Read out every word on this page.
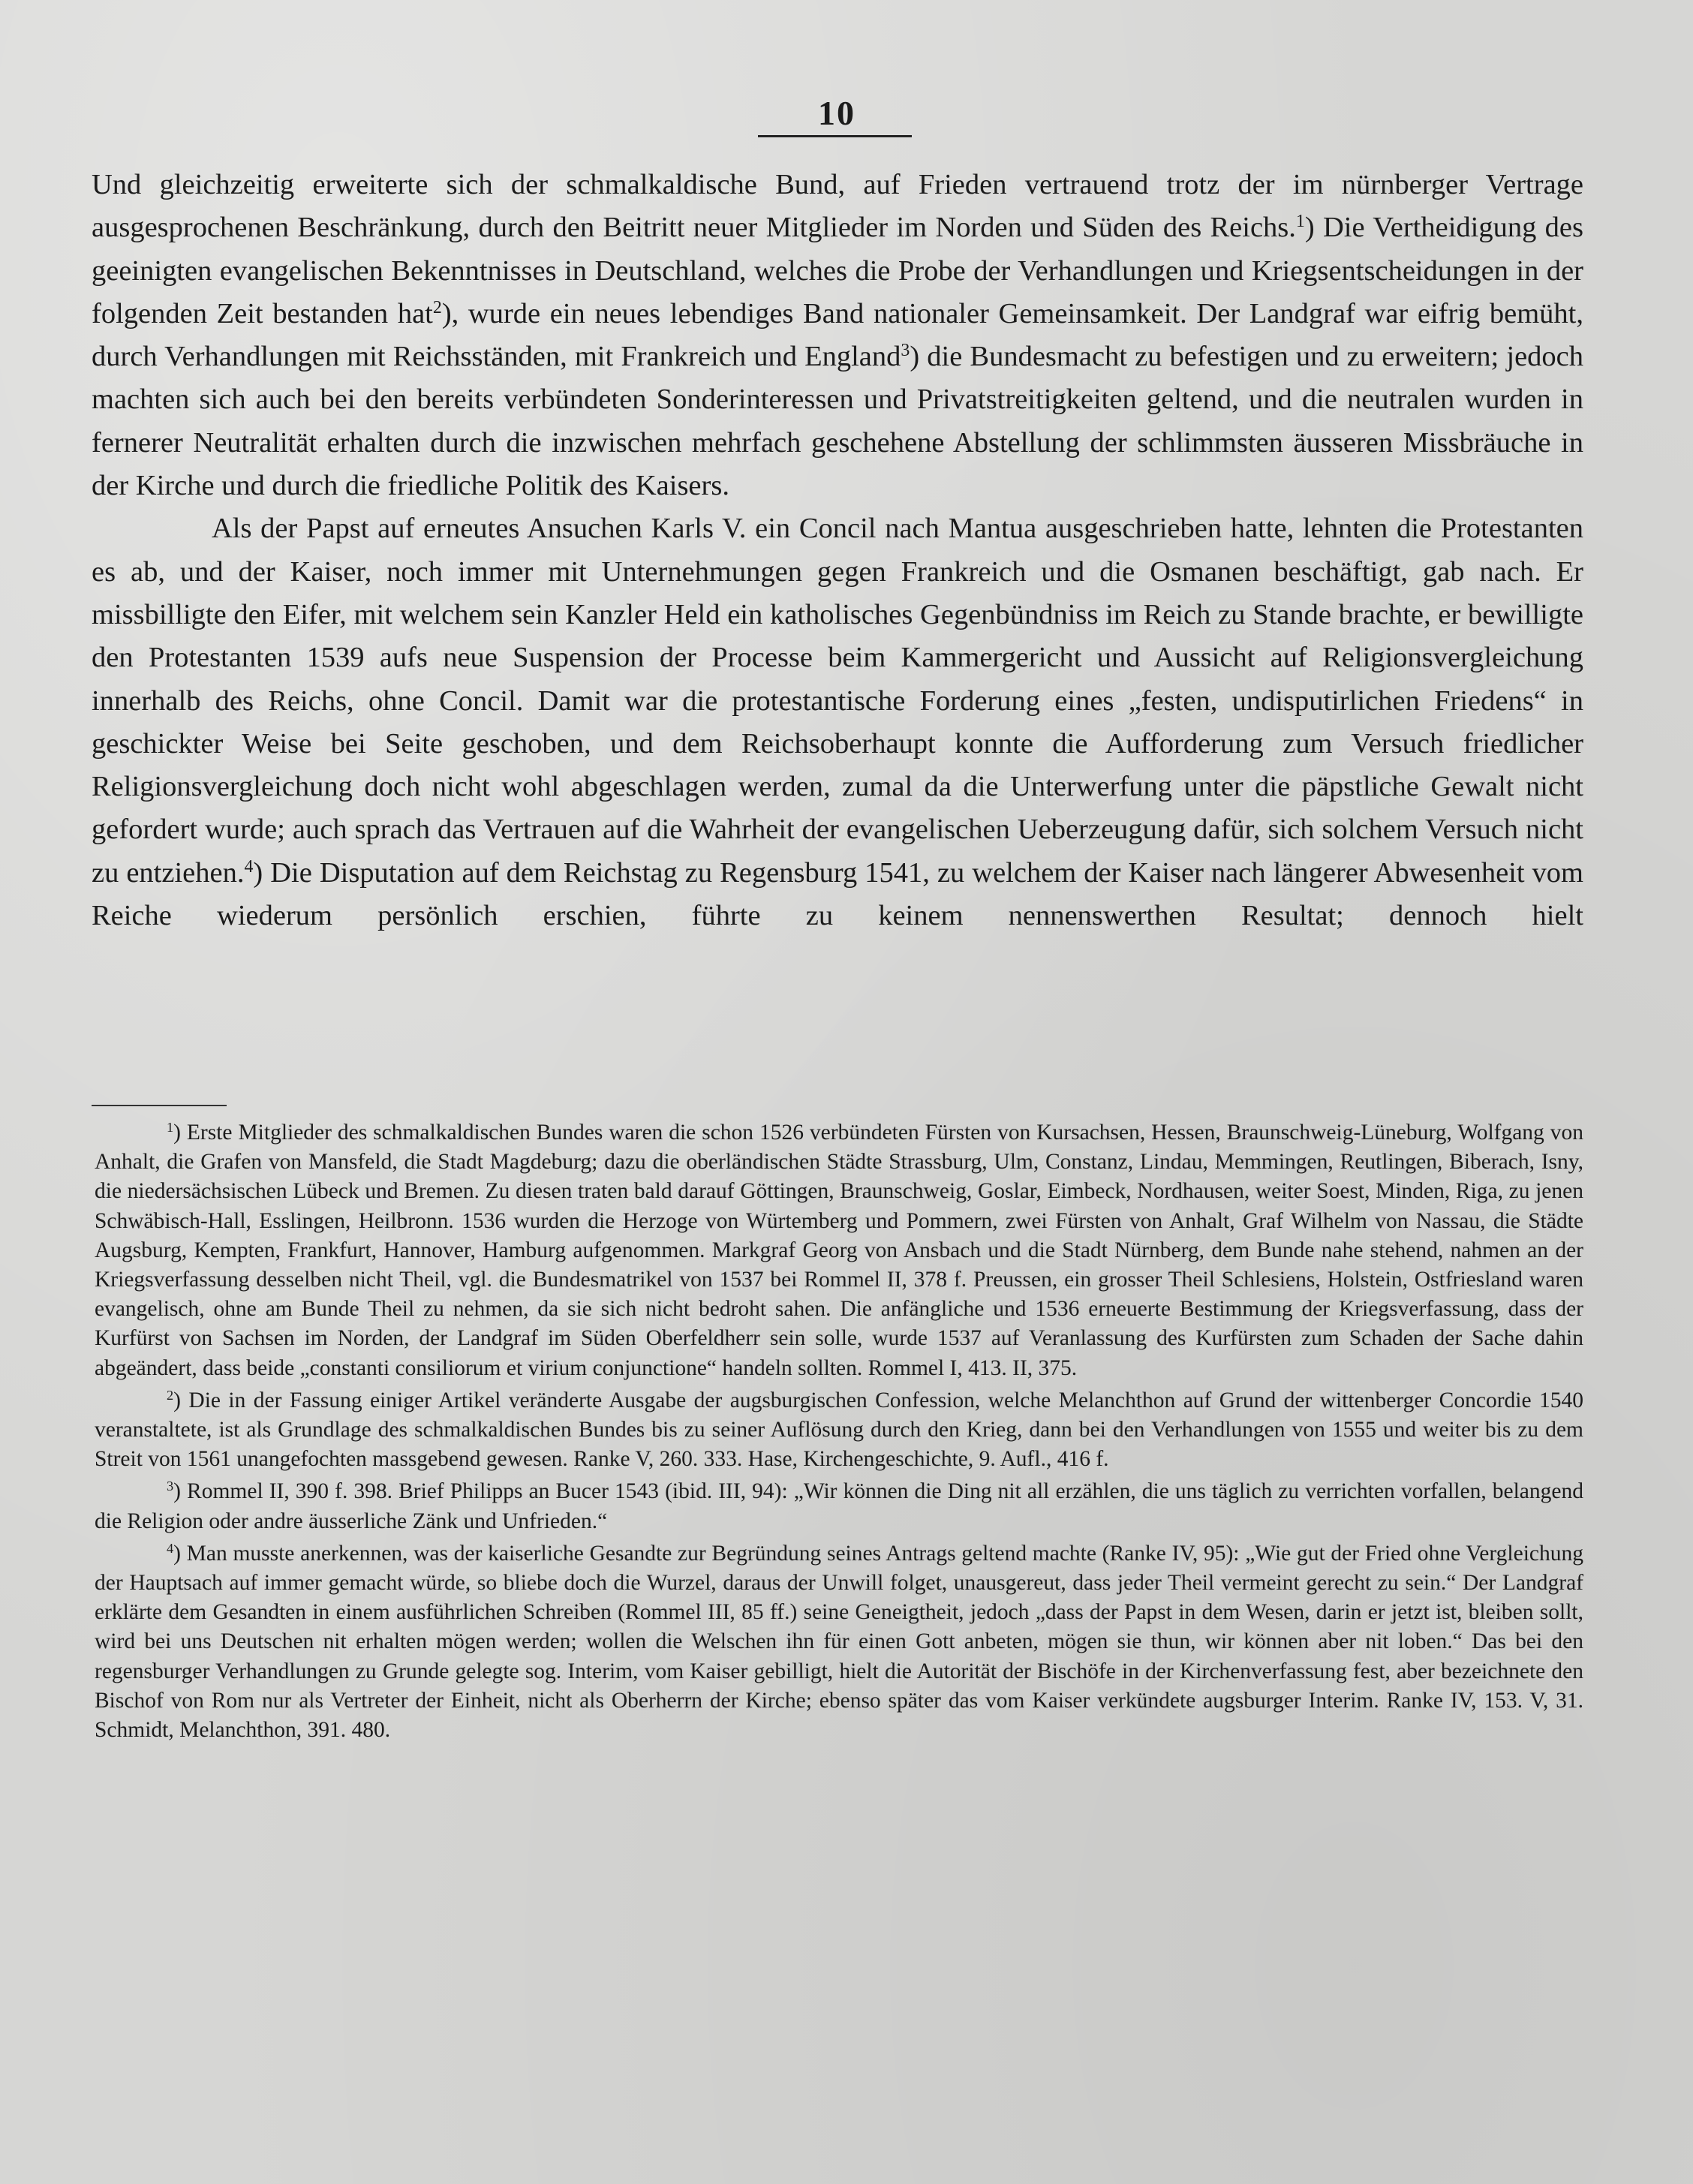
10

Und gleichzeitig erweiterte sich der schmalkaldische Bund, auf Frieden vertrauend trotz der im nürnberger Vertrage ausgesprochenen Beschränkung, durch den Beitritt neuer Mitglieder im Norden und Süden des Reichs.$^1$) Die Vertheidigung des geeinigten evangelischen Bekenntnisses in Deutschland, welches die Probe der Verhandlungen und Kriegsentscheidungen in der folgenden Zeit bestanden hat$^2$), wurde ein neues lebendiges Band nationaler Gemeinsamkeit. Der Landgraf war eifrig bemüht, durch Verhandlungen mit Reichsständen, mit Frankreich und England$^3$) die Bundesmacht zu befestigen und zu erweitern; jedoch machten sich auch bei den bereits verbündeten Sonderinteressen und Privatstreitigkeiten geltend, und die neutralen wurden in fernerer Neutralität erhalten durch die inzwischen mehrfach geschehene Abstellung der schlimmsten äusseren Missbräuche in der Kirche und durch die friedliche Politik des Kaisers.

Als der Papst auf erneutes Ansuchen Karls V. ein Concil nach Mantua ausgeschrieben hatte, lehnten die Protestanten es ab, und der Kaiser, noch immer mit Unternehmungen gegen Frankreich und die Osmanen beschäftigt, gab nach. Er missbilligte den Eifer, mit welchem sein Kanzler Held ein katholisches Gegenbündniss im Reich zu Stande brachte, er bewilligte den Protestanten 1539 aufs neue Suspension der Processe beim Kammergericht und Aussicht auf Religionsvergleichung innerhalb des Reichs, ohne Concil. Damit war die protestantische Forderung eines „festen, undisputirlichen Friedens“ in geschickter Weise bei Seite geschoben, und dem Reichsoberhaupt konnte die Aufforderung zum Versuch friedlicher Religionsvergleichung doch nicht wohl abgeschlagen werden, zumal da die Unterwerfung unter die päpstliche Gewalt nicht gefordert wurde; auch sprach das Vertrauen auf die Wahrheit der evangelischen Ueberzeugung dafür, sich solchem Versuch nicht zu entziehen.$^4$) Die Disputation auf dem Reichstag zu Regensburg 1541, zu welchem der Kaiser nach längerer Abwesenheit vom Reiche wiederum persönlich erschien, führte zu keinem nennenswerthen Resultat; dennoch hielt

$^1$) Erste Mitglieder des schmalkaldischen Bundes waren die schon 1526 verbündeten Fürsten von Kursachsen, Hessen, Braunschweig-Lüneburg, Wolfgang von Anhalt, die Grafen von Mansfeld, die Stadt Magdeburg; dazu die oberländischen Städte Strassburg, Ulm, Constanz, Lindau, Memmingen, Reutlingen, Biberach, Isny, die niedersächsischen Lübeck und Bremen. Zu diesen traten bald darauf Göttingen, Braunschweig, Goslar, Eimbeck, Nordhausen, weiter Soest, Minden, Riga, zu jenen Schwäbisch-Hall, Esslingen, Heilbronn. 1536 wurden die Herzoge von Würtemberg und Pommern, zwei Fürsten von Anhalt, Graf Wilhelm von Nassau, die Städte Augsburg, Kempten, Frankfurt, Hannover, Hamburg aufgenommen. Markgraf Georg von Ansbach und die Stadt Nürnberg, dem Bunde nahe stehend, nahmen an der Kriegsverfassung desselben nicht Theil, vgl. die Bundesmatrikel von 1537 bei Rommel II, 378 f. Preussen, ein grosser Theil Schlesiens, Holstein, Ostfriesland waren evangelisch, ohne am Bunde Theil zu nehmen, da sie sich nicht bedroht sahen. Die anfängliche und 1536 erneuerte Bestimmung der Kriegsverfassung, dass der Kurfürst von Sachsen im Norden, der Landgraf im Süden Oberfeldherr sein solle, wurde 1537 auf Veranlassung des Kurfürsten zum Schaden der Sache dahin abgeändert, dass beide „constanti consiliorum et virium conjunctione“ handeln sollten. Rommel I, 413. II, 375.

$^2$) Die in der Fassung einiger Artikel veränderte Ausgabe der augsburgischen Confession, welche Melanchthon auf Grund der wittenberger Concordie 1540 veranstaltete, ist als Grundlage des schmalkaldischen Bundes bis zu seiner Auflösung durch den Krieg, dann bei den Verhandlungen von 1555 und weiter bis zu dem Streit von 1561 unangefochten massgebend gewesen. Ranke V, 260. 333. Hase, Kirchengeschichte, 9. Aufl., 416 f.

$^3$) Rommel II, 390 f. 398. Brief Philipps an Bucer 1543 (ibid. III, 94): „Wir können die Ding nit all erzählen, die uns täglich zu verrichten vorfallen, belangend die Religion oder andre äusserliche Zänk und Unfrieden.“

$^4$) Man musste anerkennen, was der kaiserliche Gesandte zur Begründung seines Antrags geltend machte (Ranke IV, 95): „Wie gut der Fried ohne Vergleichung der Hauptsach auf immer gemacht würde, so bliebe doch die Wurzel, daraus der Unwill folget, unausgereut, dass jeder Theil vermeint gerecht zu sein.“ Der Landgraf erklärte dem Gesandten in einem ausführlichen Schreiben (Rommel III, 85 ff.) seine Geneigtheit, jedoch „dass der Papst in dem Wesen, darin er jetzt ist, bleiben sollt, wird bei uns Deutschen nit erhalten mögen werden; wollen die Welschen ihn für einen Gott anbeten, mögen sie thun, wir können aber nit loben.“ Das bei den regensburger Verhandlungen zu Grunde gelegte sog. Interim, vom Kaiser gebilligt, hielt die Autorität der Bischöfe in der Kirchenverfassung fest, aber bezeichnete den Bischof von Rom nur als Vertreter der Einheit, nicht als Oberherrn der Kirche; ebenso später das vom Kaiser verkündete augsburger Interim. Ranke IV, 153. V, 31. Schmidt, Melanchthon, 391. 480.
